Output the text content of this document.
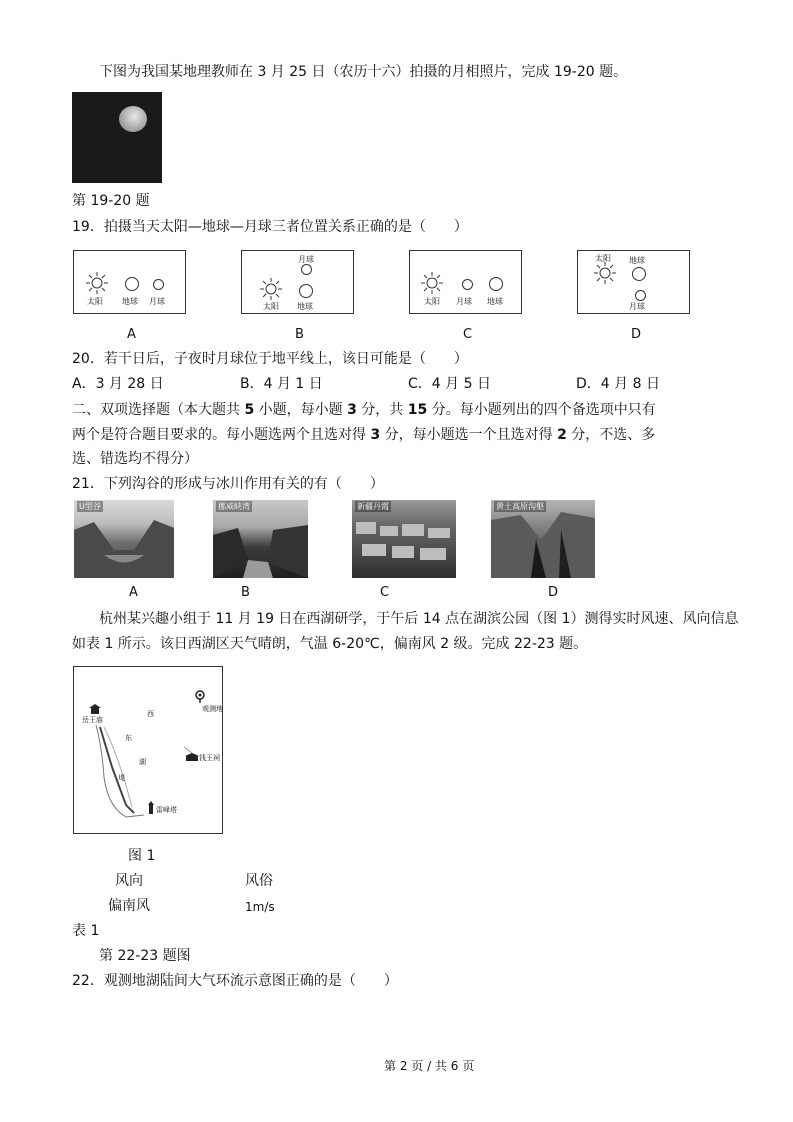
下图为我国某地理教师在 3 月 25 日（农历十六）拍摄的月相照片，完成 19-20 题。
第 19-20 题
19．拍摄当天太阳—地球—月球三者位置关系正确的是（　　）
太阳 地球 月球
A
月球
太阳 地球
B
太阳 月球 地球
C
太阳 地球
月球
D
20．若干日后，子夜时月球位于地平线上，该日可能是（　　）
A．3 月 28 日	B．4 月 1 日	C．4 月 5 日	D．4 月 8 日
二、双项选择题（本大题共 5 小题，每小题 3 分，共 15 分。每小题列出的四个备选项中只有
两个是符合题目要求的。每小题选两个且选对得 3 分，每小题选一个且选对得 2 分，不选、多
选、错选均不得分）
21．下列沟谷的形成与冰川作用有关的有（　　）
U型谷	挪威峡湾	新疆丹霞	黄土高原沟壑
A	B	C	D
杭州某兴趣小组于 11 月 19 日在西湖研学，于午后 14 点在湖滨公园（图 1）测得实时风速、风向信息
如表 1 所示。该日西湖区天气晴朗，气温 6-20℃，偏南风 2 级。完成 22-23 题。
岳王庙
观测地
西
东
湖	钱王祠
堤
雷峰塔
图 1
风向	风俗
偏南风	1m/s
表 1
第 22-23 题图
22．观测地湖陆间大气环流示意图正确的是（　　）
第 2 页 / 共 6 页
